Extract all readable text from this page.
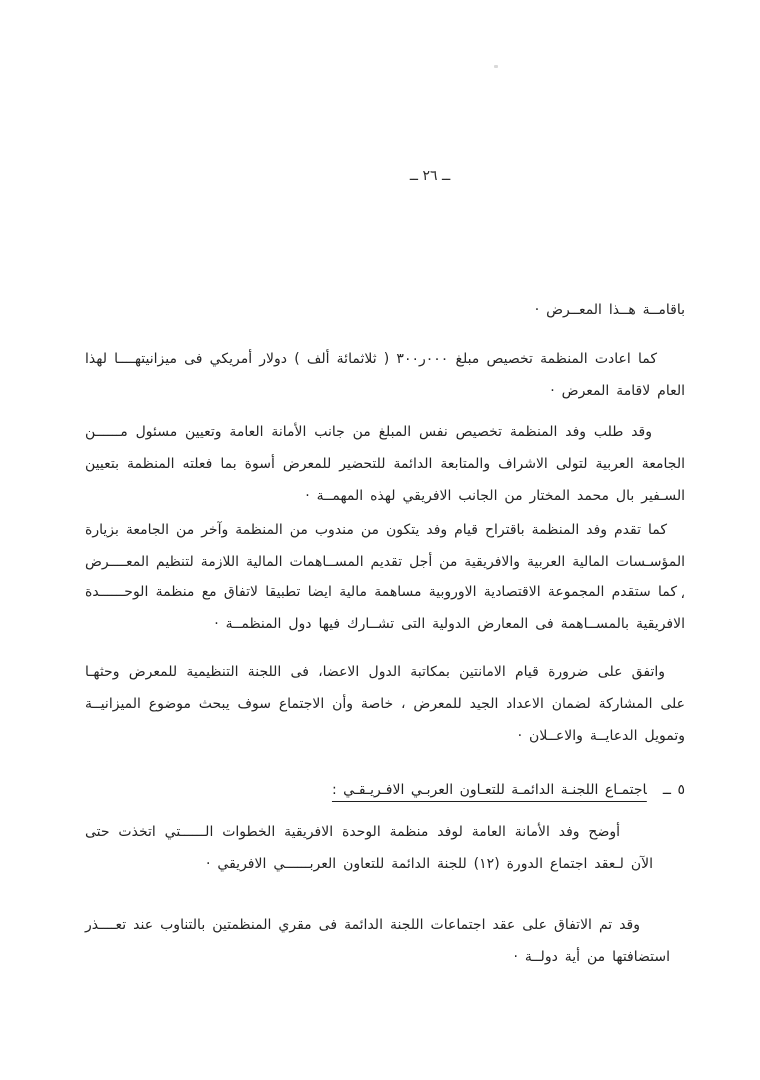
ــ ٢٦ ــ
باقامــة هــذا المعــرض ·
كما اعادت المنظمة تخصيص مبلغ ‭٣٠٠ر٠٠٠‬ ( ثلاثمائة ألف ) دولار أمريكي فى ميزانيتهــــا لهذا العام لاقامة المعرض ·
وقد طلب وفد المنظمة تخصيص نفس المبلغ من جانب الأمانة العامة وتعيين مسئول مــــــن الجامعة العربية لتولى الاشراف والمتابعة الدائمة للتحضير للمعرض أسوة بما فعلته المنظمة بتعيين السـفير بال محمد المختار من الجانب الافريقي لهذه المهمــة ·
كما تقدم وفد المنظمة باقتراح قيام وفد يتكون من مندوب من المنظمة وآخر من الجامعة بزيارة المؤسـسات المالية العربية والافريقية من أجل تقديم المســاهمات المالية اللازمة لتنظيم المعــــرض ،
كما ستقدم المجموعة الاقتصادية الاوروبية مساهمة مالية ايضا تطبيقا لاتفاق مع منظمة الوحــــــدة الافريقية بالمســاهمة فى المعارض الدولية التى تشــارك فيها دول المنظمــة ·
واتفق على ضرورة قيام الامانتين بمكاتبة الدول الاعضا، فى اللجنة التنظيمية للمعرض وحثهـا على المشاركة لضمان الاعداد الجيد للمعرض ، خاصة وأن الاجتماع سوف يبحث موضوع الميزانيــة وتمويل الدعايــة والاعــلان ·
٥ ــاجتمـاع اللجنـة الدائمـة للتعـاون العربـي الافـريـقـي :
أوضح وفد الأمانة العامة لوفد منظمة الوحدة الافريقية الخطوات الــــــتي اتخذت حتى الآن لـعقد اجتماع الدورة (١٢) للجنة الدائمة للتعاون العربــــــي الافريقي ·
وقد تم الاتفاق على عقد اجتماعات اللجنة الدائمة فى مقري المنظمتين بالتناوب عند تعــــذر استضافتها من أية دولــة ·
